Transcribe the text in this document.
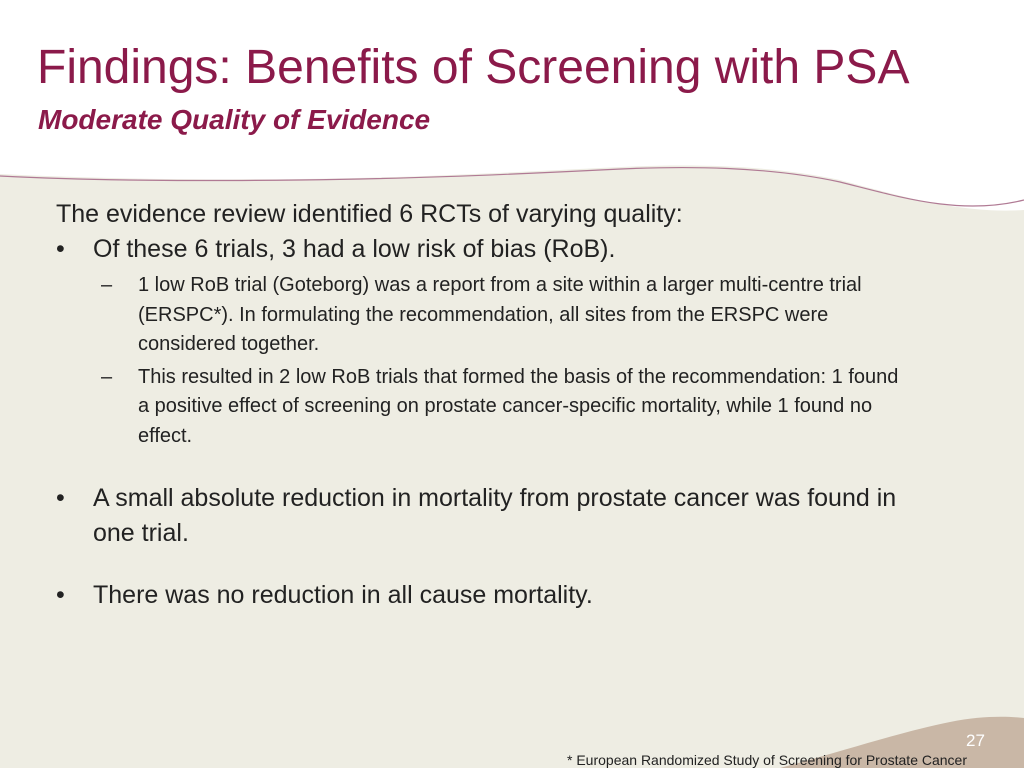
Findings: Benefits of Screening with PSA
Moderate Quality of Evidence

The evidence review identified 6 RCTs of varying quality:

• Of these 6 trials, 3 had a low risk of bias (RoB).
– 1 low RoB trial (Goteborg) was a report from a site within a larger multi-centre trial (ERSPC*). In formulating the recommendation, all sites from the ERSPC were considered together.
– This resulted in 2 low RoB trials that formed the basis of the recommendation: 1 found a positive effect of screening on prostate cancer-specific mortality, while 1 found no effect.
• A small absolute reduction in mortality from prostate cancer was found in one trial.
• There was no reduction in all cause mortality.
27
* European Randomized Study of Screening for Prostate Cancer
